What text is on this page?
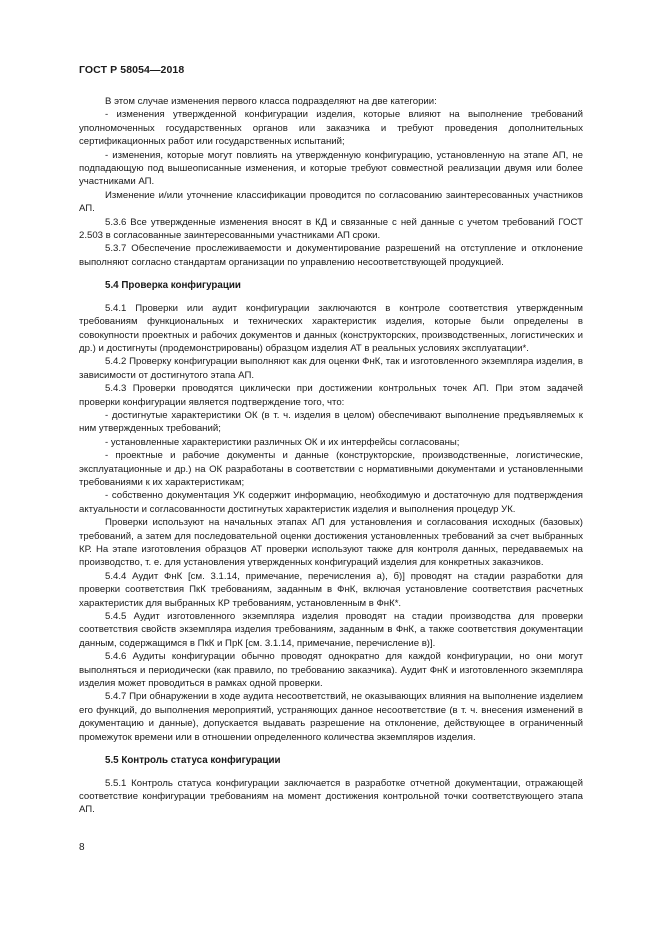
ГОСТ Р 58054—2018

В этом случае изменения первого класса подразделяют на две категории:

- изменения утвержденной конфигурации изделия, которые влияют на выполнение требований уполномоченных государственных органов или заказчика и требуют проведения дополнительных сертификационных работ или государственных испытаний;

- изменения, которые могут повлиять на утвержденную конфигурацию, установленную на этапе АП, не подпадающую под вышеописанные изменения, и которые требуют совместной реализации двумя или более участниками АП.

Изменение и/или уточнение классификации проводится по согласованию заинтересованных участников АП.

5.3.6 Все утвержденные изменения вносят в КД и связанные с ней данные с учетом требований ГОСТ 2.503 в согласованные заинтересованными участниками АП сроки.

5.3.7 Обеспечение прослеживаемости и документирование разрешений на отступление и отклонение выполняют согласно стандартам организации по управлению несоответствующей продукцией.

5.4 Проверка конфигурации

5.4.1 Проверки или аудит конфигурации заключаются в контроле соответствия утвержденным требованиям функциональных и технических характеристик изделия, которые были определены в совокупности проектных и рабочих документов и данных (конструкторских, производственных, логистических и др.) и достигнуты (продемонстрированы) образцом изделия АТ в реальных условиях эксплуатации*.

5.4.2 Проверку конфигурации выполняют как для оценки ФнК, так и изготовленного экземпляра изделия, в зависимости от достигнутого этапа АП.

5.4.3 Проверки проводятся циклически при достижении контрольных точек АП. При этом задачей проверки конфигурации является подтверждение того, что:

- достигнутые характеристики ОК (в т. ч. изделия в целом) обеспечивают выполнение предъявляемых к ним утвержденных требований;

- установленные характеристики различных ОК и их интерфейсы согласованы;

- проектные и рабочие документы и данные (конструкторские, производственные, логистические, эксплуатационные и др.) на ОК разработаны в соответствии с нормативными документами и установленными требованиями к их характеристикам;

- собственно документация УК содержит информацию, необходимую и достаточную для подтверждения актуальности и согласованности достигнутых характеристик изделия и выполнения процедур УК.

Проверки используют на начальных этапах АП для установления и согласования исходных (базовых) требований, а затем для последовательной оценки достижения установленных требований за счет выбранных КР. На этапе изготовления образцов АТ проверки используют также для контроля данных, передаваемых на производство, т. е. для установления утвержденных конфигураций изделия для конкретных заказчиков.

5.4.4 Аудит ФнК [см. 3.1.14, примечание, перечисления а), б)] проводят на стадии разработки для проверки соответствия ПкК требованиям, заданным в ФнК, включая установление соответствия расчетных характеристик для выбранных КР требованиям, установленным в ФнК*.

5.4.5 Аудит изготовленного экземпляра изделия проводят на стадии производства для проверки соответствия свойств экземпляра изделия требованиям, заданным в ФнК, а также соответствия документации данным, содержащимся в ПкК и ПрК [см. 3.1.14, примечание, перечисление в)].

5.4.6 Аудиты конфигурации обычно проводят однократно для каждой конфигурации, но они могут выполняться и периодически (как правило, по требованию заказчика). Аудит ФнК и изготовленного экземпляра изделия может проводиться в рамках одной проверки.

5.4.7 При обнаружении в ходе аудита несоответствий, не оказывающих влияния на выполнение изделием его функций, до выполнения мероприятий, устраняющих данное несоответствие (в т. ч. внесения изменений в документацию и данные), допускается выдавать разрешение на отклонение, действующее в ограниченный промежуток времени или в отношении определенного количества экземпляров изделия.

5.5 Контроль статуса конфигурации

5.5.1 Контроль статуса конфигурации заключается в разработке отчетной документации, отражающей соответствие конфигурации требованиям на момент достижения контрольной точки соответствующего этапа АП.

8
